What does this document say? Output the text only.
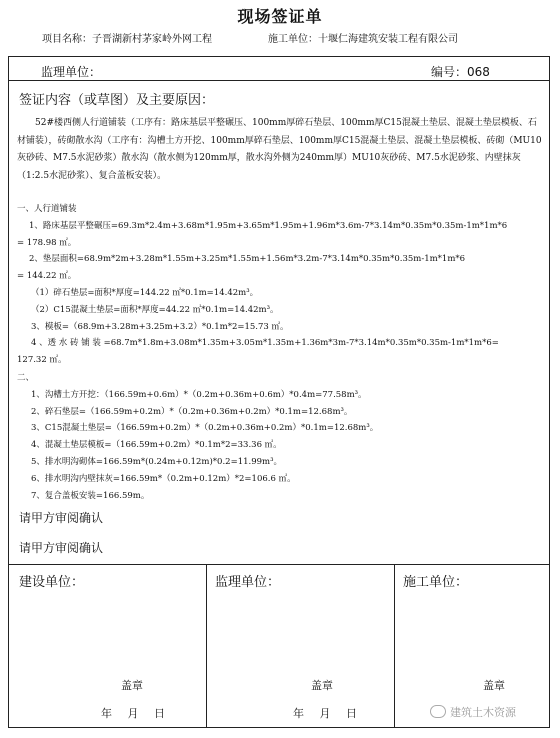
现场签证单
项目名称：子晋湖新村茅家岭外网工程	施工单位：十堰仁海建筑安装工程有限公司
监理单位：	编号：068
签证内容（或草图）及主要原因：

52#楼西侧人行道铺装（工序有：路床基层平整碾压、100mm厚碎石垫层、100mm厚C15混凝土垫层、混凝土垫层模板、石材铺装），砖砌散水沟（工序有：沟槽土方开挖、100mm厚碎石垫层、100mm厚C15混凝土垫层、混凝土垫层模板、砖砌（MU10灰砂砖、M7.5水泥砂浆）散水沟（散水侧为120mm厚，散水沟外侧为240mm厚）MU10灰砂砖、M7.5水泥砂浆、内壁抹灰（1:2.5水泥砂浆）、复合盖板安装）。

一、人行道铺装

1、路床基层平整碾压=69.3m*2.4m+3.68m*1.95m+3.65m*1.95m+1.96m*3.6m-7*3.14m*0.35m*0.35m-1m*1m*6

= 178.98 ㎡。

2、垫层面积=68.9m*2m+3.28m*1.55m+3.25m*1.55m+1.56m*3.2m-7*3.14m*0.35m*0.35m-1m*1m*6

= 144.22 ㎡。

（1）碎石垫层=面积*厚度=144.22 ㎡*0.1m=14.42m³。

（2）C15混凝土垫层=面积*厚度=44.22 ㎡*0.1m=14.42m³。

3、模板=（68.9m+3.28m+3.25m+3.2）*0.1m*2=15.73 ㎡。

4 、透 水 砖 铺 装 =68.7m*1.8m+3.08m*1.35m+3.05m*1.35m+1.36m*3m-7*3.14m*0.35m*0.35m-1m*1m*6=

127.32 ㎡。

二、

1、沟槽土方开挖：（166.59m+0.6m）*（0.2m+0.36m+0.6m）*0.4m=77.58m³。

2、碎石垫层=（166.59m+0.2m）*（0.2m+0.36m+0.2m）*0.1m=12.68m³。

3、C15混凝土垫层=（166.59m+0.2m）*（0.2m+0.36m+0.2m）*0.1m=12.68m³。

4、混凝土垫层模板=（166.59m+0.2m）*0.1m*2=33.36 ㎡。

5、排水明沟砌体=166.59m*(0.24m+0.12m)*0.2=11.99m³。

6、排水明沟内壁抹灰=166.59m*（0.2m+0.12m）*2=106.6 ㎡。

7、复合盖板安装=166.59m。

请甲方审阅确认
请甲方审阅确认
建设单位：
盖章
年 月 日
监理单位：
盖章
年 月 日
施工单位：
盖章
建筑土木资源
